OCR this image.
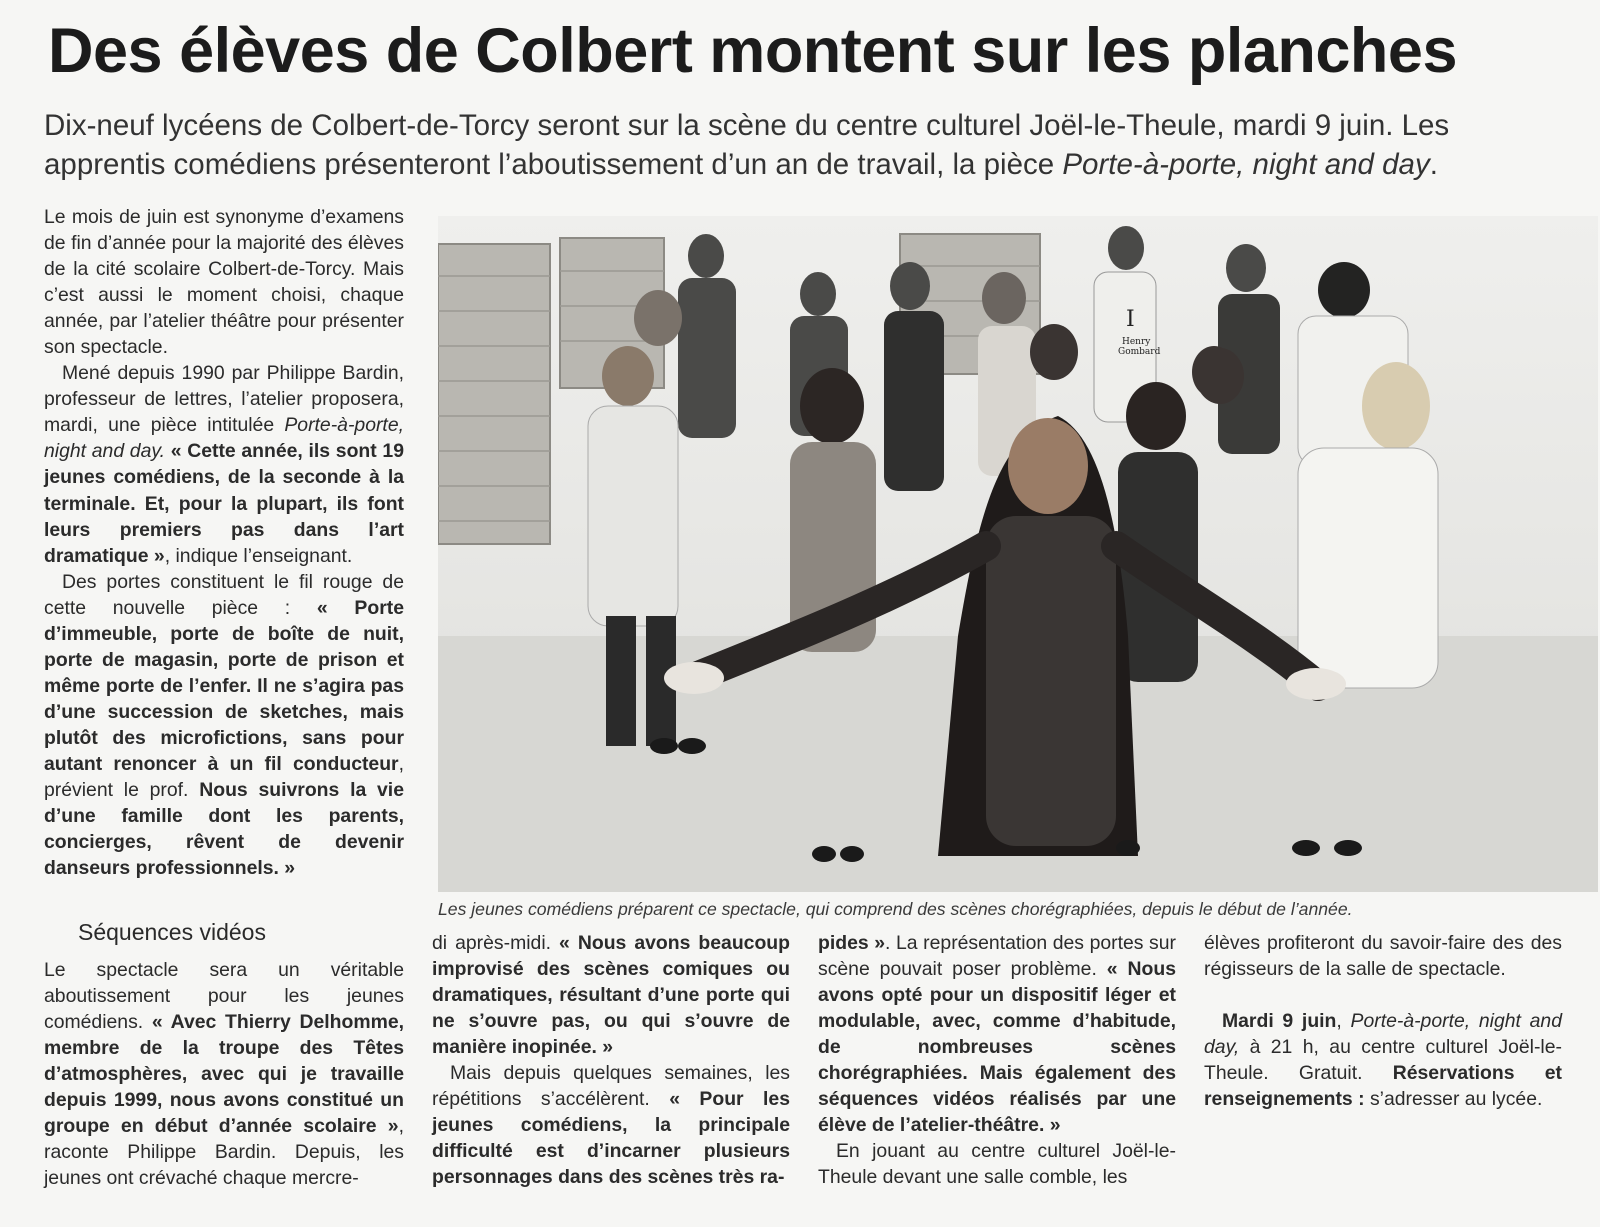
Des élèves de Colbert montent sur les planches

Dix-neuf lycéens de Colbert-de-Torcy seront sur la scène du centre culturel Joël-le-Theule, mardi 9 juin. Les apprentis comédiens présenteront l’aboutissement d’un an de travail, la pièce Porte-à-porte, night and day.

Le mois de juin est synonyme d’examens de fin d’année pour la majorité des élèves de la cité scolaire Colbert-de-Torcy. Mais c’est aussi le moment choisi, chaque année, par l’atelier théâtre pour présenter son spectacle.

Mené depuis 1990 par Philippe Bardin, professeur de lettres, l’atelier proposera, mardi, une pièce intitulée Porte-à-porte, night and day. « Cette année, ils sont 19 jeunes comédiens, de la seconde à la terminale. Et, pour la plupart, ils font leurs premiers pas dans l’art dramatique », indique l’enseignant.

Des portes constituent le fil rouge de cette nouvelle pièce : « Porte d’immeuble, porte de boîte de nuit, porte de magasin, porte de prison et même porte de l’enfer. Il ne s’agira pas d’une succession de sketches, mais plutôt des microfictions, sans pour autant renoncer à un fil conducteur, prévient le prof. Nous suivrons la vie d’une famille dont les parents, concierges, rêvent de devenir danseurs professionnels. »

Séquences vidéos

Le spectacle sera un véritable aboutissement pour les jeunes comédiens. « Avec Thierry Delhomme, membre de la troupe des Têtes d’atmosphères, avec qui je travaille depuis 1999, nous avons constitué un groupe en début d’année scolaire », raconte Philippe Bardin. Depuis, les jeunes ont crévaché chaque mercre-

I
Henry
Gombard
Les jeunes comédiens préparent ce spectacle, qui comprend des scènes chorégraphiées, depuis le début de l’année.

di après-midi. « Nous avons beaucoup improvisé des scènes comiques ou dramatiques, résultant d’une porte qui ne s’ouvre pas, ou qui s’ouvre de manière inopinée. »

Mais depuis quelques semaines, les répétitions s’accélèrent. « Pour les jeunes comédiens, la principale difficulté est d’incarner plusieurs personnages dans des scènes très ra-

pides ». La représentation des portes sur scène pouvait poser problème. « Nous avons opté pour un dispositif léger et modulable, avec, comme d’habitude, de nombreuses scènes chorégraphiées. Mais également des séquences vidéos réalisés par une élève de l’atelier-théâtre. »

En jouant au centre culturel Joël-le-Theule devant une salle comble, les

élèves profiteront du savoir-faire des des régisseurs de la salle de spectacle.

Mardi 9 juin, Porte-à-porte, night and day, à 21 h, au centre culturel Joël-le-Theule. Gratuit. Réservations et renseignements : s’adresser au lycée.
